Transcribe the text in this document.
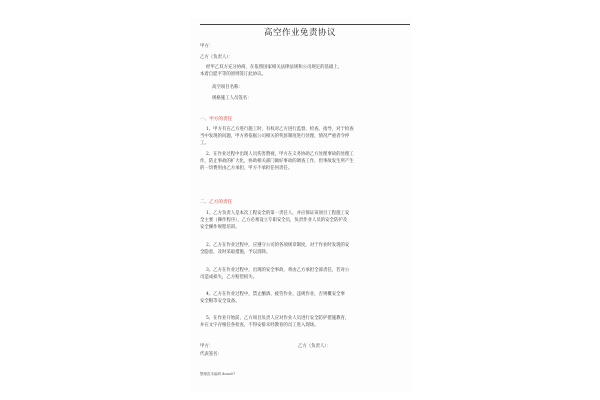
高空作业免责协议
甲方：
乙方（负责人）：
经甲乙双方充分协商，在依照国家相关法律法规和公司规定的基础上，
本着自愿平等的原则签订此协议。
高空项目名称：
规格施工人员签名：
一、甲方的责任
1、甲方有在乙方进行施工时，有权对乙方进行监督、检查、指导，对于检查
当中发现的问题，甲方将依据公司相关的奖惩制度进行处理，情况严重者令停
工。
2、在作业过程中出现人员伤害赞视，甲方在义务协助乙方处理事故的处理工
作，防止事故的扩大化，协助相关部门做好事故的调查工作，但事故发生所产生
的一切费用由乙方承担，甲方不承担任何责任。
二、乙方的责任
1、乙方负责人是本次工程安全的第一责任人，并应保证该项目工程施工安
全主要（操作程序），乙方必须设立专职安全员，负责作业人员的安全防护及
安全操作规程培训。
2、乙方在作业过程中，应遵守公司的各项规章制度，对于作业时发现的安
全隐患，及时采取措施，予以消除。
3、乙方在作业过程中，出现的安全事故，将由乙方承担全部责任，若对公
司造成损失，乙方赔偿损失。
4、乙方在作业过程中，禁止酗酒、疲劳作业、违规作业，否则概安全事
安全帽等安全设备。
5、在作业开始前，乙方项目负责人应对作业人员进行安全防护措施教育，
并在文字存根任各检查，不得安排未经教育的员工进入现场。
甲方：	乙方（负责人）：
代表签名：
整理范本编码 doan07
